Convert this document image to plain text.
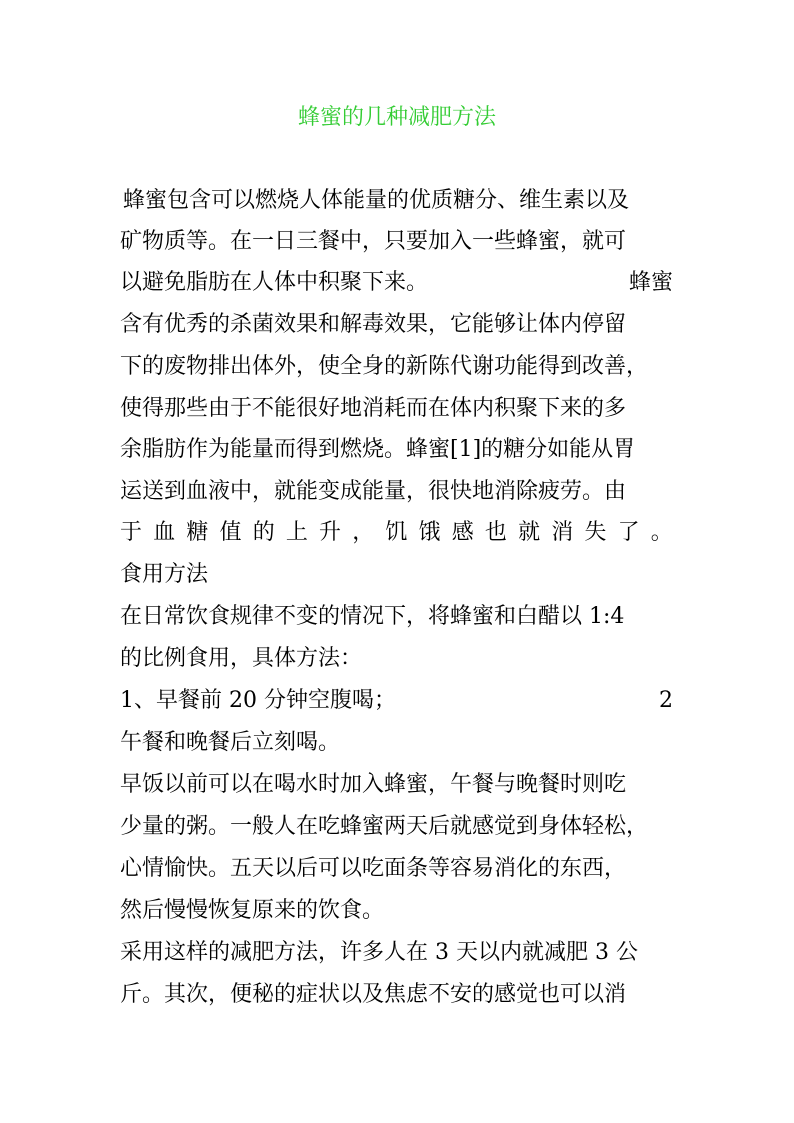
蜂蜜的几种减肥方法
蜂蜜包含可以燃烧人体能量的优质糖分、维生素以及
矿物质等。在一日三餐中，只要加入一些蜂蜜，就可
以避免脂肪在人体中积聚下来。	蜂蜜
含有优秀的杀菌效果和解毒效果，它能够让体内停留
下的废物排出体外，使全身的新陈代谢功能得到改善，
使得那些由于不能很好地消耗而在体内积聚下来的多
余脂肪作为能量而得到燃烧。蜂蜜[1]的糖分如能从胃
运送到血液中，就能变成能量，很快地消除疲劳。由
于 血 糖 值 的 上 升 ， 饥 饿 感 也 就 消 失 了 。
食用方法
在日常饮食规律不变的情况下，将蜂蜜和白醋以 1:4
的比例食用，具体方法：
1、早餐前 20 分钟空腹喝；	2
午餐和晚餐后立刻喝。
早饭以前可以在喝水时加入蜂蜜，午餐与晚餐时则吃
少量的粥。一般人在吃蜂蜜两天后就感觉到身体轻松，
心情愉快。五天以后可以吃面条等容易消化的东西，
然后慢慢恢复原来的饮食。
采用这样的减肥方法，许多人在 3 天以内就减肥 3 公
斤。其次，便秘的症状以及焦虑不安的感觉也可以消
